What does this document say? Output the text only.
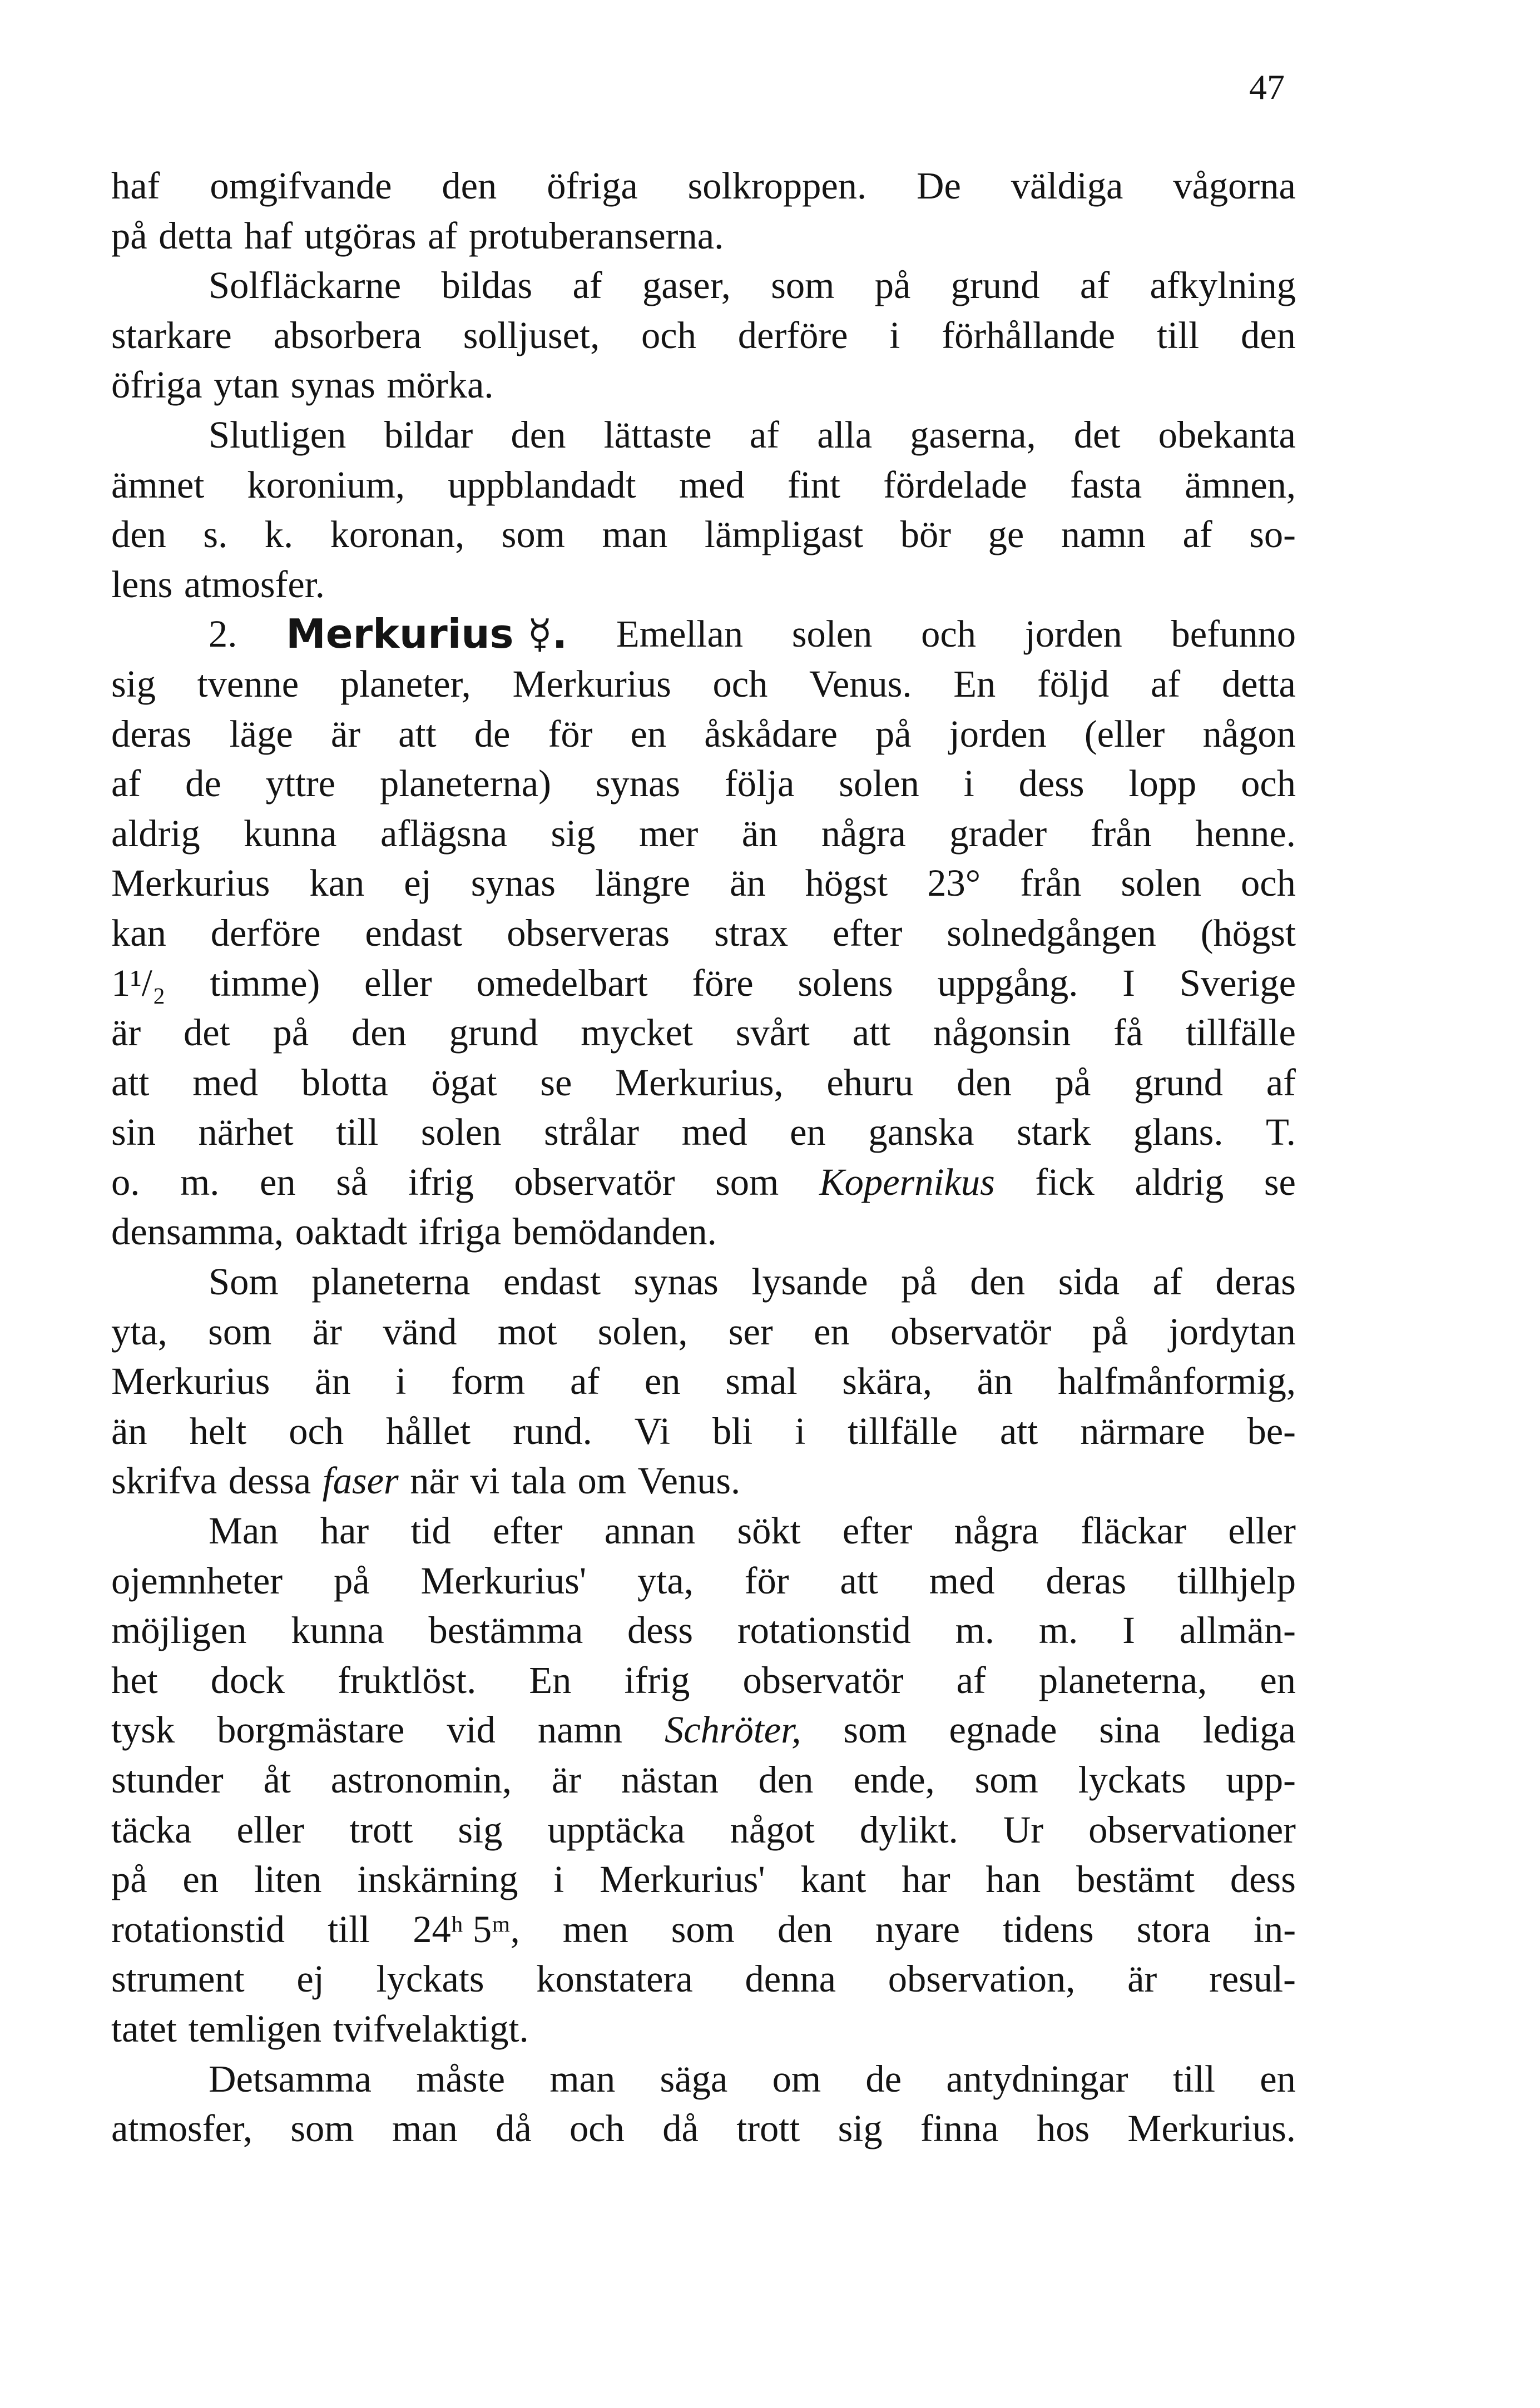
47
haf omgifvande den öfriga solkroppen. De väldiga vågorna
på detta haf utgöras af protuberanserna.
Solfläckarne bildas af gaser, som på grund af afkylning
starkare absorbera solljuset, och derföre i förhållande till den
öfriga ytan synas mörka.
Slutligen bildar den lättaste af alla gaserna, det obekanta
ämnet koronium, uppblandadt med fint fördelade fasta ämnen,
den s. k. koronan, som man lämpligast bör ge namn af so-
lens atmosfer.
2. Merkurius ☿. Emellan solen och jorden befunno
sig tvenne planeter, Merkurius och Venus. En följd af detta
deras läge är att de för en åskådare på jorden (eller någon
af de yttre planeterna) synas följa solen i dess lopp och
aldrig kunna aflägsna sig mer än några grader från henne.
Merkurius kan ej synas längre än högst 23° från solen och
kan derföre endast observeras strax efter solnedgången (högst
1¹/₂ timme) eller omedelbart före solens uppgång. I Sverige
är det på den grund mycket svårt att någonsin få tillfälle
att med blotta ögat se Merkurius, ehuru den på grund af
sin närhet till solen strålar med en ganska stark glans. T.
o. m. en så ifrig observatör som Kopernikus fick aldrig se
densamma, oaktadt ifriga bemödanden.
Som planeterna endast synas lysande på den sida af deras
yta, som är vänd mot solen, ser en observatör på jordytan
Merkurius än i form af en smal skära, än halfmånformig,
än helt och hållet rund. Vi bli i tillfälle att närmare be-
skrifva dessa faser när vi tala om Venus.
Man har tid efter annan sökt efter några fläckar eller
ojemnheter på Merkurius' yta, för att med deras tillhjelp
möjligen kunna bestämma dess rotationstid m. m. I allmän-
het dock fruktlöst. En ifrig observatör af planeterna, en
tysk borgmästare vid namn Schröter, som egnade sina lediga
stunder åt astronomin, är nästan den ende, som lyckats upp-
täcka eller trott sig upptäcka något dylikt. Ur observationer
på en liten inskärning i Merkurius' kant har han bestämt dess
rotationstid till 24ʰ 5ᵐ, men som den nyare tidens stora in-
strument ej lyckats konstatera denna observation, är resul-
tatet temligen tvifvelaktigt.
Detsamma måste man säga om de antydningar till en
atmosfer, som man då och då trott sig finna hos Merkurius.
